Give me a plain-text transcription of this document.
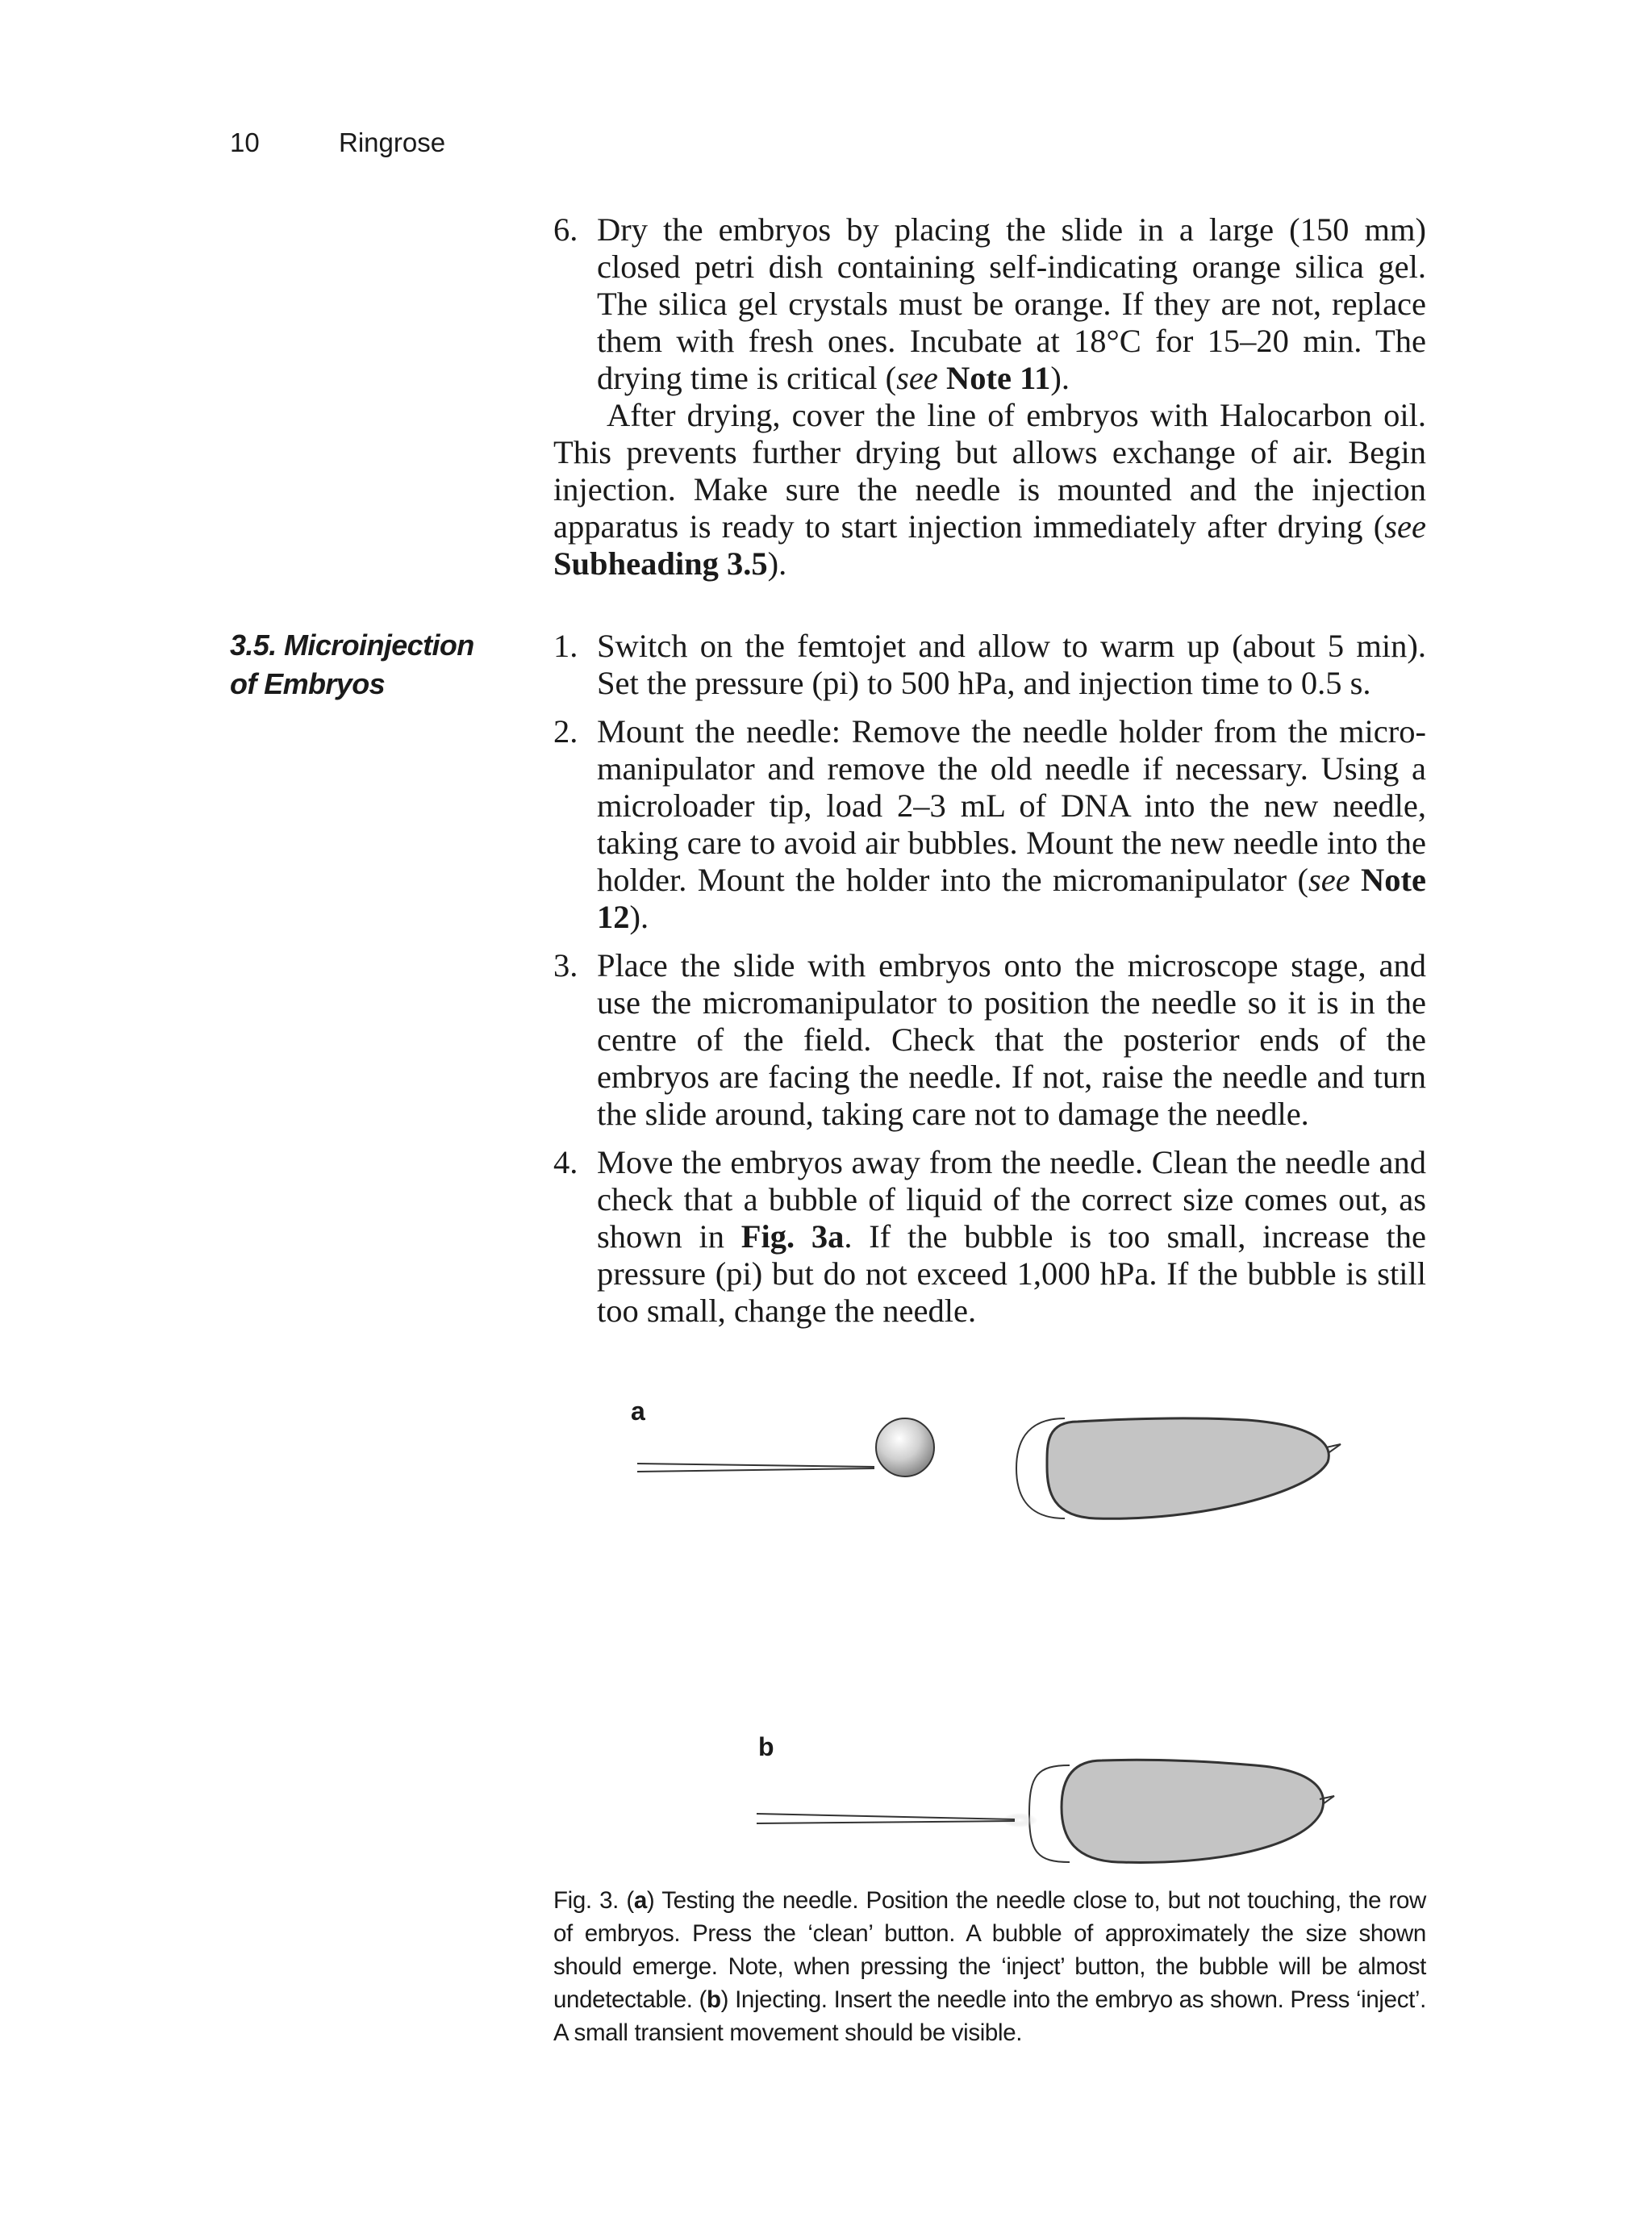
10	Ringrose
6. Dry the embryos by placing the slide in a large (150 mm) closed petri dish containing self-indicating orange silica gel. The silica gel crystals must be orange. If they are not, replace them with fresh ones. Incubate at 18°C for 15–20 min. The drying time is critical (see Note 11).

After drying, cover the line of embryos with Halocarbon oil. This prevents further drying but allows exchange of air. Begin injection. Make sure the needle is mounted and the injection apparatus is ready to start injection immediately after drying (see Subheading 3.5).

3.5. Microinjection
of Embryos
1. Switch on the femtojet and allow to warm up (about 5 min). Set the pressure (pi) to 500 hPa, and injection time to 0.5 s.

2. Mount the needle: Remove the needle holder from the micro-manipulator and remove the old needle if necessary. Using a microloader tip, load 2–3 mL of DNA into the new needle, taking care to avoid air bubbles. Mount the new needle into the holder. Mount the holder into the micromanipulator (see Note 12).

3. Place the slide with embryos onto the microscope stage, and use the micromanipulator to position the needle so it is in the centre of the field. Check that the posterior ends of the embryos are facing the needle. If not, raise the needle and turn the slide around, taking care not to damage the needle.

4. Move the embryos away from the needle. Clean the needle and check that a bubble of liquid of the correct size comes out, as shown in Fig. 3a. If the bubble is too small, increase the pressure (pi) but do not exceed 1,000 hPa. If the bubble is still too small, change the needle.

a
b

Fig. 3. (a) Testing the needle. Position the needle close to, but not touching, the row of embryos. Press the ‘clean’ button. A bubble of approximately the size shown should emerge. Note, when pressing the ‘inject’ button, the bubble will be almost undetectable. (b) Injecting. Insert the needle into the embryo as shown. Press ‘inject’. A small transient movement should be visible.
